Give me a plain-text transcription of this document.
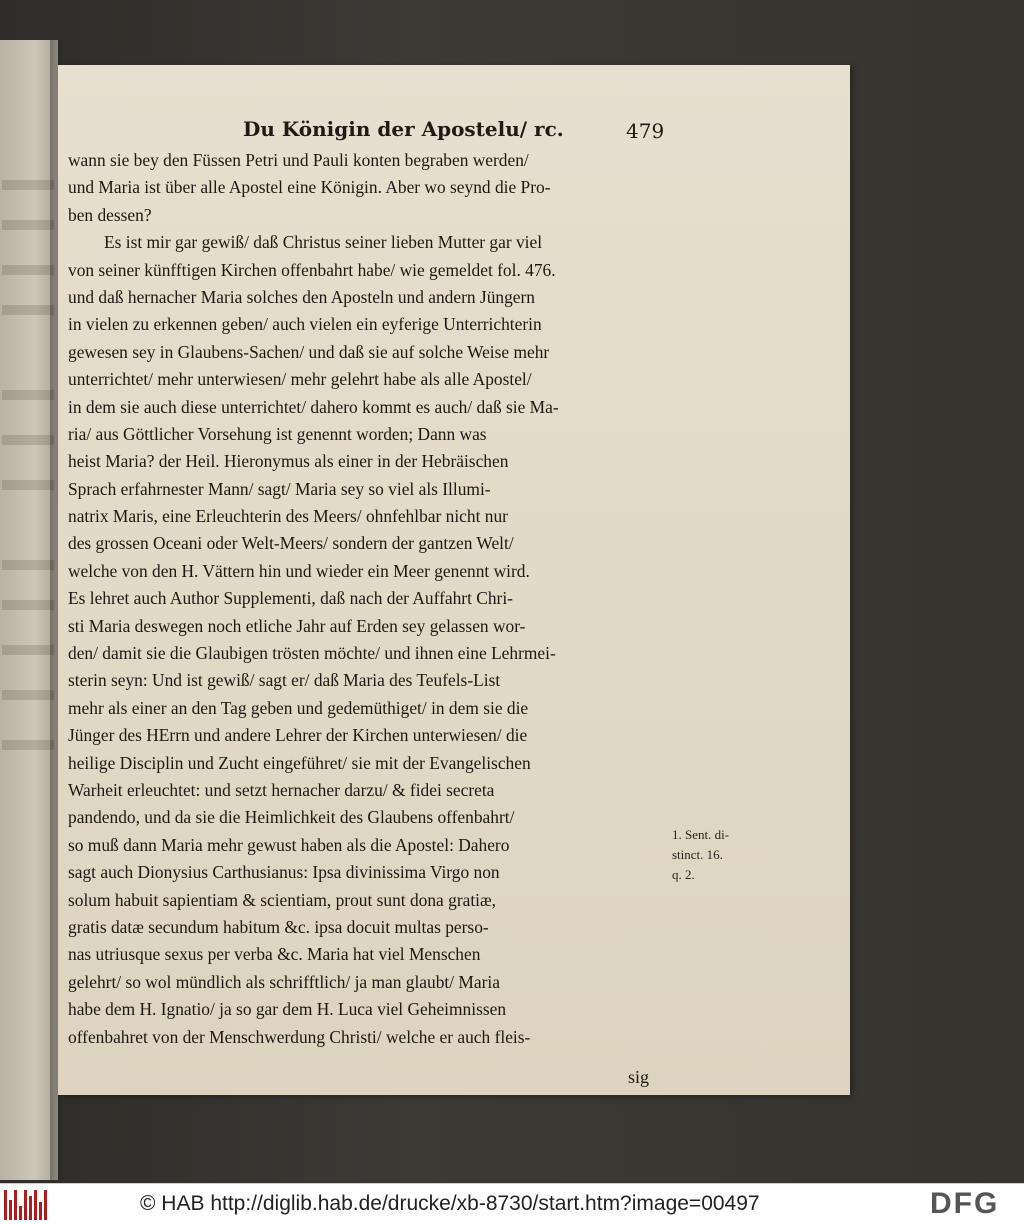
Du Königin der Apostelu/ rc.	479
wann sie bey den Füssen Petri und Pauli konten begraben werden/
und Maria ist über alle Apostel eine Königin. Aber wo seynd die Pro-
ben dessen?
Es ist mir gar gewiß/ daß Christus seiner lieben Mutter gar viel
von seiner künfftigen Kirchen offenbahrt habe/ wie gemeldet fol. 476.
und daß hernacher Maria solches den Aposteln und andern Jüngern
in vielen zu erkennen geben/ auch vielen ein eyferige Unterrichterin
gewesen sey in Glaubens-Sachen/ und daß sie auf solche Weise mehr
unterrichtet/ mehr unterwiesen/ mehr gelehrt habe als alle Apostel/
in dem sie auch diese unterrichtet/ dahero kommt es auch/ daß sie Ma-
ria/ aus Göttlicher Vorsehung ist genennt worden; Dann was
heist Maria? der Heil. Hieronymus als einer in der Hebräischen
Sprach erfahrnester Mann/ sagt/ Maria sey so viel als Illumi-
natrix Maris, eine Erleuchterin des Meers/ ohnfehlbar nicht nur
des grossen Oceani oder Welt-Meers/ sondern der gantzen Welt/
welche von den H. Vättern hin und wieder ein Meer genennt wird.
Es lehret auch Author Supplementi, daß nach der Auffahrt Chri-
sti Maria deswegen noch etliche Jahr auf Erden sey gelassen wor-
den/ damit sie die Glaubigen trösten möchte/ und ihnen eine Lehrmei-
sterin seyn: Und ist gewiß/ sagt er/ daß Maria des Teufels-List
mehr als einer an den Tag geben und gedemüthiget/ in dem sie die
Jünger des HErrn und andere Lehrer der Kirchen unterwiesen/ die
heilige Disciplin und Zucht eingeführet/ sie mit der Evangelischen
Warheit erleuchtet: und setzt hernacher darzu/ & fidei secreta
pandendo, und da sie die Heimlichkeit des Glaubens offenbahrt/
so muß dann Maria mehr gewust haben als die Apostel: Dahero
sagt auch Dionysius Carthusianus: Ipsa divinissima Virgo non
solum habuit sapientiam & scientiam, prout sunt dona gratiæ,
gratis datæ secundum habitum &c. ipsa docuit multas perso-
nas utriusque sexus per verba &c. Maria hat viel Menschen
gelehrt/ so wol mündlich als schrifftlich/ ja man glaubt/ Maria
habe dem H. Ignatio/ ja so gar dem H. Luca viel Geheimnissen
offenbahret von der Menschwerdung Christi/ welche er auch fleis-
1. Sent. di-
stinct. 16.
q. 2.
sig
© HAB http://diglib.hab.de/drucke/xb-8730/start.htm?image=00497	DFG
